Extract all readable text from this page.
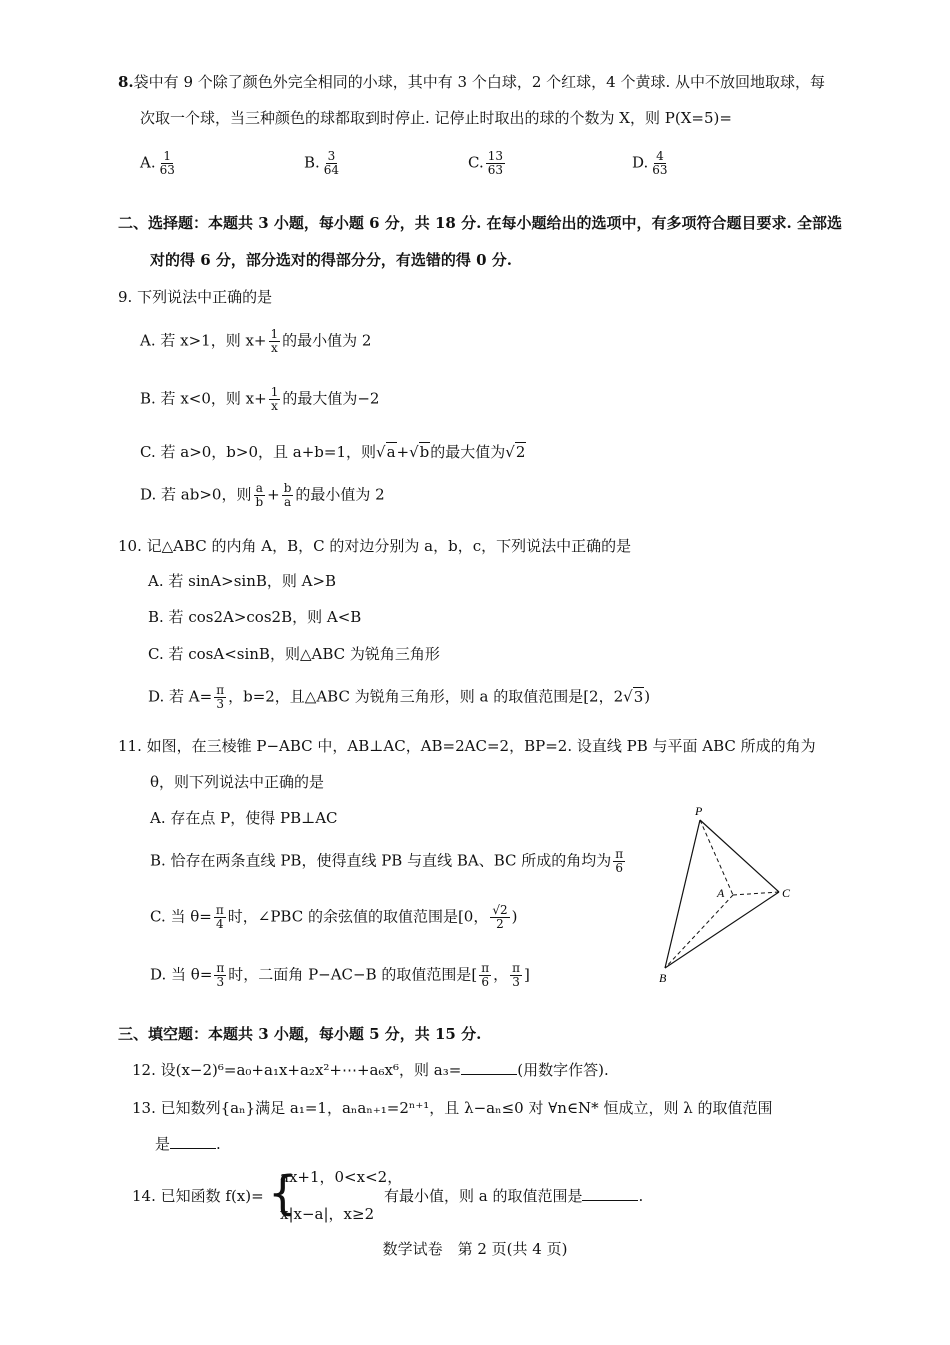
8.袋中有 9 个除了颜色外完全相同的小球，其中有 3 个白球，2 个红球，4 个黄球. 从中不放回地取球，每
次取一个球，当三种颜色的球都取到时停止. 记停止时取出的球的个数为 X，则 P(X=5)=
A. $\frac{1}{63}$	B. $\frac{3}{64}$	C. $\frac{13}{63}$	D. $\frac{4}{63}$
二、选择题：本题共 3 小题，每小题 6 分，共 18 分. 在每小题给出的选项中，有多项符合题目要求. 全部选
对的得 6 分，部分选对的得部分分，有选错的得 0 分.
9. 下列说法中正确的是
A. 若 x>1，则 $x+ \frac{1}{x}$ 的最小值为 2
B. 若 x<0，则 $x+ \frac{1}{x}$ 的最大值为−2
C. 若 a>0，b>0，且 a+b=1，则√a+√b的最大值为√2
D. 若 ab>0，则 $\frac{a}{b} + \frac{b}{a}$ 的最小值为 2
10. 记△ABC 的内角 A，B，C 的对边分别为 a，b，c，下列说法中正确的是
A. 若 sinA>sinB，则 A>B
B. 若 cos2A>cos2B，则 A<B
C. 若 cosA<sinB，则△ABC 为锐角三角形
D. 若 $A= \frac{\pi}{3}$ ，b=2，且△ABC 为锐角三角形，则 a 的取值范围是[2，2√3)
11. 如图，在三棱锥 P−ABC 中，AB⊥AC，AB=2AC=2，BP=2. 设直线 PB 与平面 ABC 所成的角为
θ，则下列说法中正确的是
A. 存在点 P，使得 PB⊥AC
B. 恰存在两条直线 PB，使得直线 PB 与直线 BA、BC 所成的角均为 $\frac{\pi}{6}$
C. 当 $\theta= \frac{\pi}{4}$ 时，∠PBC 的余弦值的取值范围是[0， $\frac{√2}{2}$ )
D. 当 $\theta= \frac{\pi}{3}$ 时，二面角 P−AC−B 的取值范围是[ $\frac{\pi}{6}$ ， $\frac{\pi}{3}$ ]
P
A
B
C
三、填空题：本题共 3 小题，每小题 5 分，共 15 分.
12. 设(x−2)⁶=a₀+a₁x+a₂x²+⋯+a₆x⁶，则 a₃=	(用数字作答).
13. 已知数列{aₙ}满足 a₁=1，aₙaₙ₊₁=2ⁿ⁺¹，且 λ−aₙ≤0 对 ∀n∈N* 恒成立，则 λ 的取值范围
是	.
14. 已知函数 f(x)= {
ax+1，0<x<2，
x|x−a|，x≥2
有最小值，则 a 的取值范围是	.
数学试卷　第 2 页(共 4 页)
